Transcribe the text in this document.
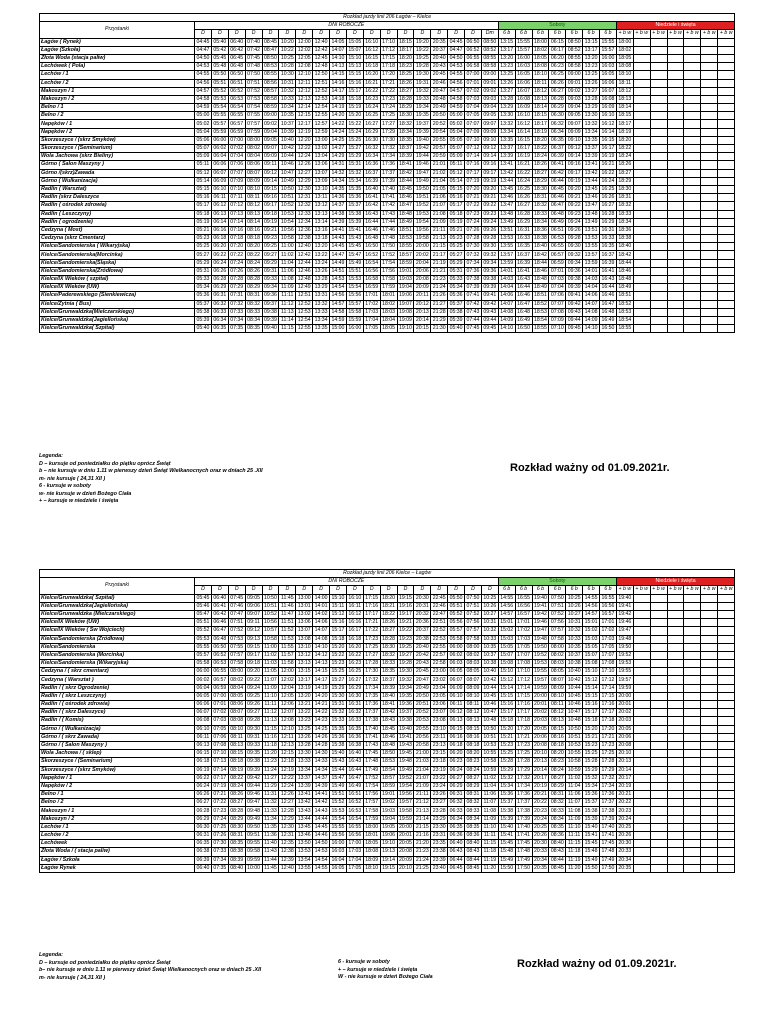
Rozkład jazdy linii 206 Łagów – Kielce																																
Przystanki	DNI ROBOCZE																		Soboty							Niedziele i święta						
	D	D	D	D	D	D	D	D	D	D	D	D	D	D	D	D	D	Dm	6 b	6 b	6 b	6 b	6 b	6 b	6 b	+ b w	+ b w	+ b w	+ b w	+ b w	+ b w	+ b w
Łagów ( Rynek)	04:45	05:40	06:40	07:40	08:45	10:20	12:00	12:40	14:05	15:05	16:10	17:10	18:15	19:20	20:35	04:45	06:50	08:50	13:15	15:55	18:00	06:15	08:50	13:15	15:55	18:00						
Łagów (Szkoła)	04:47	05:42	06:42	07:42	08:47	10:22	12:02	12:42	14:07	15:07	16:12	17:12	18:17	19:22	20:37	04:47	06:52	08:52	13:17	15:57	18:02	06:17	08:52	13:17	15:57	18:02						
Złota Woda (stacja paliw)	04:50	05:45	06:45	07:45	08:50	10:25	12:05	12:45	14:10	15:10	16:15	17:15	18:20	19:25	20:40	04:50	06:55	08:55	13:20	16:00	18:05	06:20	08:55	13:20	16:00	18:05						
Lechówek ( Pola)	04:53	05:48	06:48	07:48	08:53	10:28	12:08	12:48	14:13	15:13	16:18	17:18	18:23	19:28	20:43	04:53	06:58	08:58	13:23	16:03	18:08	06:23	08:58	13:23	16:03	18:08						
Lechów / 1	04:55	05:50	06:50	07:50	08:55	10:30	12:10	12:50	14:15	15:15	16:20	17:20	18:25	19:30	20:45	04:55	07:00	09:00	13:25	16:05	18:10	06:25	09:00	13:25	16:05	18:10						
Lechów / 2	04:56	05:51	06:51	07:51	08:56	10:31	12:11	12:51	14:16	15:16	16:21	17:21	18:26	19:31	20:46	04:56	07:01	09:01	13:26	16:06	18:11	06:26	09:01	13:26	16:06	18:11						
Makoszyn / 1	04:57	05:52	06:52	07:52	08:57	10:32	12:12	12:52	14:17	15:17	16:22	17:22	18:27	19:32	20:47	04:57	07:02	09:02	13:27	16:07	18:12	06:27	09:02	13:27	16:07	18:12						
Makoszyn / 2	04:58	05:53	06:53	07:53	08:58	10:33	12:13	12:53	14:18	15:18	16:23	17:23	18:28	19:33	20:48	04:58	07:03	09:03	13:28	16:08	18:13	06:28	09:03	13:28	16:08	18:13						
Belno / 1	04:59	05:54	06:54	07:54	08:59	10:34	12:14	12:54	14:19	15:19	16:24	17:24	18:29	19:34	20:49	04:59	07:04	09:04	13:29	16:09	18:14	06:29	09:04	13:29	16:09	18:14						
Belno / 2	05:00	05:55	06:55	07:55	09:00	10:35	12:15	12:55	14:20	15:20	16:25	17:25	18:30	19:35	20:50	05:00	07:05	09:05	13:30	16:10	18:15	06:30	09:05	13:30	16:10	18:15						
Napęków / 1	05:02	05:57	06:57	07:57	09:02	10:37	12:17	12:57	14:22	15:22	16:27	17:27	18:32	19:37	20:52	05:02	07:07	09:07	13:32	16:12	18:17	06:32	09:07	13:32	16:12	18:17						
Napęków / 2	05:04	05:59	06:59	07:59	09:04	10:39	12:19	12:59	14:24	15:24	16:29	17:29	18:34	19:39	20:54	05:04	07:09	09:09	13:34	16:14	18:19	06:34	09:09	13:34	16:14	18:19						
Skorzeszyce / (skrz Smyków)	05:06	06:00	07:00	08:00	09:05	10:40	12:20	13:00	14:25	15:25	16:30	17:30	18:35	19:40	20:55	05:05	07:10	09:10	13:35	16:15	18:20	06:35	09:10	13:35	16:15	18:20						
Skorzeszyce / (Seminarium)	05:07	06:02	07:02	08:02	09:07	10:42	12:22	13:02	14:27	15:27	16:32	17:32	18:37	19:42	20:57	05:07	07:12	09:12	13:37	16:17	18:22	06:37	09:12	13:37	16:17	18:22						
Wola Jachowa (skrz Bieliny)	05:09	06:04	07:04	08:04	09:09	10:44	12:24	13:04	14:29	15:29	16:34	17:34	18:39	19:44	20:59	05:09	07:14	09:14	13:39	16:19	18:24	06:39	09:14	13:39	16:19	18:24						
Górno ( Salon Maszyny )	05:11	06:06	07:06	08:06	09:11	10:46	12:26	13:06	14:31	15:31	16:36	17:36	18:41	19:46	21:01	05:11	07:16	09:16	13:41	16:21	18:26	06:41	09:16	13:41	16:21	18:26						
Górno /(skrz)Zawada	05:12	06:07	07:07	08:07	09:12	10:47	12:27	13:07	14:32	15:32	16:37	17:37	18:42	19:47	21:02	05:12	07:17	09:17	13:42	16:22	18:27	06:42	09:17	13:42	16:22	18:27						
Górno ( Wulkanizacja)	05:14	06:09	07:09	08:09	09:14	10:49	12:29	13:09	14:34	15:34	16:39	17:39	18:44	19:49	21:04	05:14	07:19	09:19	13:44	16:24	18:29	06:44	09:19	13:44	16:24	18:29						
Radlin ( Warsztat)	05:15	06:10	07:10	08:10	09:15	10:50	12:30	13:10	14:35	15:35	16:40	17:40	18:45	19:50	21:05	05:15	07:20	09:20	13:45	16:25	18:30	06:45	09:20	13:45	16:25	18:30						
Radlin (skrz Daleszyce	05:16	06:11	07:11	08:11	09:16	10:51	12:31	13:11	14:36	15:36	16:41	17:41	18:46	19:51	21:06	05:16	07:21	09:21	13:46	16:26	18:31	06:46	09:21	13:46	16:26	18:31						
Radlin ( ośrodek zdrowia)	05:17	06:12	07:12	08:12	09:17	10:52	12:32	13:12	14:37	15:37	16:42	17:42	18:47	19:52	21:07	05:17	07:22	09:22	13:47	16:27	18:32	06:47	09:22	13:47	16:27	18:32						
Radlin ( Leszczyny)	05:18	06:13	07:13	08:13	09:18	10:53	12:33	13:13	14:38	15:38	16:43	17:43	18:48	19:53	21:08	05:18	07:23	09:23	13:48	16:28	18:33	06:48	09:23	13:48	16:28	18:33						
Radlin ( ogrodzenie)	05:19	06:14	07:14	08:14	09:19	10:54	12:34	13:14	14:39	15:39	16:44	17:44	18:49	19:54	21:09	05:19	07:24	09:24	13:49	16:29	18:34	06:49	09:24	13:49	16:29	18:34						
Cedzyna ( Most)	05:21	06:16	07:16	08:16	09:21	10:56	12:36	13:16	14:41	15:41	16:46	17:46	18:51	19:56	21:11	05:21	07:26	09:26	13:51	16:31	18:36	06:51	09:26	13:51	16:31	18:36						
Cedzyna (skrz Cmentarz)	05:23	06:18	07:18	08:18	09:23	10:58	12:38	13:18	14:43	15:43	16:48	17:48	18:53	19:58	21:13	05:23	07:28	09:28	13:53	16:33	18:38	06:53	09:28	13:53	16:33	18:38						
Kielce/Sandomierska ( Wikaryjska)	05:25	06:20	07:20	08:20	09:25	11:00	12:40	13:20	14:45	15:45	16:50	17:50	18:55	20:00	21:15	05:25	07:30	09:30	13:55	16:35	18:40	06:55	09:30	13:55	16:35	18:40						
Kielce/Sandomierska(Morcinka)	05:27	06:22	07:22	08:22	09:27	11:02	12:42	13:22	14:47	15:47	16:52	17:52	18:57	20:02	21:17	05:27	07:32	09:32	13:57	16:37	18:42	06:57	09:32	13:57	16:37	18:42						
Kielce/Sandomierska(Śląska)	05:29	06:24	07:24	08:24	09:29	11:04	12:44	13:24	14:49	15:49	16:54	17:54	18:59	20:04	21:19	05:29	07:34	09:34	13:59	16:39	18:44	06:59	09:34	13:59	16:39	18:44						
Kielce/Sandomierska(Źródłowa)	05:31	06:26	07:26	08:26	09:31	11:06	12:46	13:26	14:51	15:51	16:56	17:56	19:01	20:06	21:21	05:31	07:36	09:36	14:01	16:41	18:46	07:01	09:36	14:01	16:41	18:46						
Kielce/IX Wieków ( szpital)	05:33	06:28	07:28	08:28	09:33	11:08	12:48	13:28	14:53	15:53	16:58	17:58	19:03	20:08	21:23	05:33	07:38	09:38	14:03	16:43	18:48	07:03	09:38	14:03	16:43	18:48						
Kielce/IX Wieków (UW)	05:34	06:29	07:29	08:29	09:34	11:09	12:49	13:29	14:54	15:54	16:59	17:59	19:04	20:09	21:24	05:34	07:39	09:39	14:04	16:44	18:49	07:04	09:39	14:04	16:44	18:49						
Kielce/Paderewskiego (Sienkiewicza)	05:36	06:31	07:31	08:31	09:36	11:11	12:51	13:31	14:56	15:56	17:01	18:01	19:06	20:11	21:26	05:36	07:41	09:41	14:06	16:46	18:51	07:06	09:41	14:06	16:46	18:51						
Kielce/Żytnia ( Bus)	05:37	06:32	07:32	08:32	09:37	11:12	12:52	13:32	14:57	15:57	17:02	18:02	19:07	20:12	21:27	05:37	07:42	09:42	14:07	16:47	18:52	07:07	09:42	14:07	16:47	18:52						
Kielce/Grunwaldzka(Mielczarskiego)	05:38	06:33	07:33	08:33	09:38	11:13	12:53	13:33	14:58	15:58	17:03	18:03	19:08	20:13	21:28	05:38	07:43	09:43	14:08	16:48	18:53	07:08	09:43	14:08	16:48	18:53						
Kielce/Grunwaldzka(Jagiellońska)	05:39	06:34	07:34	08:34	09:39	11:14	12:54	13:34	14:59	15:59	17:04	18:04	19:09	20:14	21:29	05:39	07:44	09:44	14:09	16:49	18:54	07:09	09:44	14:09	16:49	18:54						
Kielce/Grunwaldzka( Szpital)	05:40	06:35	07:35	08:35	09:40	11:15	12:55	13:35	15:00	16:00	17:05	18:05	19:10	20:15	21:30	05:40	07:45	09:45	14:10	16:50	18:55	07:10	09:45	14:10	16:50	18:55						
Legenda:
D – kursuje od poniedziałku do piątku oprócz Świąt
b – nie kursuje w dniu 1.11 w pierwszy dzień Świąt Wielkanocnych oraz w dniach 25 .XII
m- nie kursuje ( 24,31 XII )
6 - kursuje w soboty
w- nie kursuje w dzień Bożego Ciała
+ – kursuje w niedziele i święta
Rozkład ważny od 01.09.2021r.
Rozkład jazdy linii 206 Kielce – Łagów																																
Przystanki	DNI ROBOCZE																		Soboty							Niedziele i święta						
	D	D	D	D	D	D	D	D	D	D	D	D	D	D	D	D	D	D	6 b	6 b	6 b	6 b	6 b	6 b	6 b	+ b w	+ b w	+ b w	+ b w	+ b w	+ b w	+ b w
Kielce/Grunwaldzka( Szpital)	05:45	06:40	07:45	09:05	10:50	11:45	13:00	14:00	15:10	16:10	17:15	18:20	19:15	20:30	22:45	05:50	07:50	10:25	14:55	16:55	19:40	07:50	10:25	14:55	16:55	19:40						
Kielce/Grunwaldzka(Jagiellońska)	05:46	06:41	07:46	09:06	10:51	11:46	13:01	14:01	15:11	16:11	17:16	18:21	19:16	20:31	22:46	05:51	07:51	10:26	14:56	16:56	19:41	07:51	10:26	14:56	16:56	19:41						
Kielce/Grunwaldzka (Mielczarskiego)	05:47	06:42	07:47	09:07	10:52	11:47	13:02	14:02	15:12	16:12	17:17	18:22	19:17	20:32	22:47	05:52	07:52	10:27	14:57	16:57	19:42	07:52	10:27	14:57	16:57	19:42						
Kielce/IX Wieków (UW)	05:51	06:46	07:51	09:11	10:56	11:51	13:06	14:06	15:16	16:16	17:21	18:26	19:21	20:36	22:51	05:56	07:56	10:31	15:01	17:01	19:46	07:56	10:31	15:01	17:01	19:46						
Kielce/IX Wieków ( Św Wojciech)	05:52	06:47	07:52	09:12	10:57	11:52	13:07	14:07	15:17	16:17	17:22	18:27	19:22	20:37	22:52	05:57	07:57	10:32	15:02	17:02	19:47	07:57	10:32	15:02	17:02	19:47						
Kielce/Sandomierska (Źródłowa)	05:53	06:48	07:53	09:13	10:58	11:53	13:08	14:08	15:18	16:18	17:23	18:28	19:23	20:38	22:53	05:58	07:58	10:33	15:03	17:03	19:48	07:58	10:33	15:03	17:03	19:48						
Kielce/Sandomierska	05:55	06:50	07:55	09:15	11:00	11:55	13:10	14:10	15:20	16:20	17:25	18:30	19:25	20:40	22:55	06:00	08:00	10:35	15:05	17:05	19:50	08:00	10:35	15:05	17:05	19:50						
Kielce/Sandomierska (Morcinka)	05:57	06:52	07:57	09:17	11:02	11:57	13:12	14:12	15:22	16:22	17:27	18:32	19:27	20:42	22:57	06:02	08:02	10:37	15:07	17:07	19:52	08:02	10:37	15:07	17:07	19:52						
Kielce/Sandomierska (Wikaryjska)	05:58	06:53	07:58	09:18	11:03	11:58	13:13	14:13	15:23	16:23	17:28	18:33	19:28	20:43	22:58	06:03	08:03	10:38	15:08	17:08	19:53	08:03	10:38	15:08	17:08	19:53						
Cedzyna / ( skrz cmentarz)	06:00	06:55	08:00	09:20	11:05	12:00	13:15	14:15	15:25	16:25	17:30	18:35	19:30	20:45	23:00	06:05	08:05	10:40	15:10	17:10	19:55	08:05	10:40	15:10	17:10	19:55						
Cedzyna ( Warsztat )	06:02	06:57	08:02	09:22	11:07	12:02	13:17	14:17	15:27	16:27	17:32	18:37	19:32	20:47	23:02	06:07	08:07	10:42	15:12	17:12	19:57	08:07	10:42	15:12	17:12	19:57						
Radlin / ( skrz Ogrodzenie)	06:04	06:59	08:04	09:24	11:09	12:04	13:19	14:19	15:29	16:29	17:34	18:39	19:34	20:49	23:04	06:09	08:09	10:44	15:14	17:14	19:59	08:09	10:44	15:14	17:14	19:59						
Radlin / ( skrz Leszczyny)	06:05	07:00	08:05	09:25	11:10	12:05	13:20	14:20	15:30	16:30	17:35	18:40	19:35	20:50	23:05	06:10	08:10	10:45	15:15	17:15	20:00	08:10	10:45	15:15	17:15	20:00						
Radlin / ( ośrodek zdrowia)	06:06	07:01	08:06	09:26	11:11	12:06	13:21	14:21	15:31	16:31	17:36	18:41	19:36	20:51	23:06	06:11	08:11	10:46	15:16	17:16	20:01	08:11	10:46	15:16	17:16	20:01						
Radlin / ( skrz Daleszyce)	06:07	07:02	08:07	09:27	11:12	12:07	13:22	14:22	15:32	16:32	17:37	18:42	19:37	20:52	23:07	06:12	08:12	10:47	15:17	17:17	20:02	08:12	10:47	15:17	17:17	20:02						
Radlin / ( Komis)	06:08	07:03	08:08	09:28	11:13	12:08	13:23	14:23	15:33	16:33	17:38	18:43	19:38	20:53	23:08	06:13	08:13	10:48	15:18	17:18	20:03	08:13	10:48	15:18	17:18	20:03						
Górno / ( Wulkanizacja)	06:10	07:05	08:10	09:30	11:15	12:10	13:25	14:25	15:35	16:35	17:40	18:45	19:40	20:55	23:10	06:15	08:15	10:50	15:20	17:20	20:05	08:15	10:50	15:20	17:20	20:05						
Górno / ( skrz Zawada)	06:11	07:06	08:11	09:31	11:16	12:11	13:26	14:26	15:36	16:36	17:41	18:46	19:41	20:56	23:11	06:16	08:16	10:51	15:21	17:21	20:06	08:16	10:51	15:21	17:21	20:06						
Górno / ( Salon Maszyny )	06:13	07:08	08:13	09:33	11:18	12:13	13:28	14:28	15:38	16:38	17:43	18:48	19:43	20:58	23:13	06:18	08:18	10:53	15:23	17:23	20:08	08:18	10:53	15:23	17:23	20:08						
Wola Jachowa / ( sklep)	06:15	07:10	08:15	09:35	11:20	12:15	13:30	14:30	15:40	16:40	17:45	18:50	19:45	21:00	23:15	06:20	08:20	10:55	15:25	17:25	20:10	08:20	10:55	15:25	17:25	20:10						
Skorzeszyce / (Seminarium)	06:18	07:13	08:18	09:38	11:23	12:18	13:33	14:33	15:43	16:43	17:48	18:53	19:48	21:03	23:18	06:23	08:23	10:58	15:28	17:28	20:13	08:23	10:58	15:28	17:28	20:13						
Skorzeszyce / (skrz Smyków)	06:19	07:14	08:19	09:39	11:24	12:19	13:34	14:34	15:44	16:44	17:49	18:54	19:49	21:04	23:19	06:24	08:24	10:59	15:29	17:29	20:14	08:24	10:59	15:29	17:29	20:14						
Napęków / 1	06:22	07:17	08:22	09:42	11:27	12:22	13:37	14:37	15:47	16:47	17:52	18:57	19:52	21:07	23:22	06:27	08:27	11:02	15:32	17:32	20:17	08:27	11:02	15:32	17:32	20:17						
Napęków / 2	06:24	07:19	08:24	09:44	11:29	12:24	13:39	14:39	15:49	16:49	17:54	18:59	19:54	21:09	23:24	06:29	08:29	11:04	15:34	17:34	20:19	08:29	11:04	15:34	17:34	20:19						
Belno / 1	06:26	07:21	08:26	09:46	11:31	12:26	13:41	14:41	15:51	16:51	17:56	19:01	19:56	21:11	23:26	06:31	08:31	11:06	15:36	17:36	20:21	08:31	11:06	15:36	17:36	20:21						
Belno / 2	06:27	07:22	08:27	09:47	11:32	12:27	13:42	14:42	15:52	16:52	17:57	19:02	19:57	21:12	23:27	06:32	08:32	11:07	15:37	17:37	20:22	08:32	11:07	15:37	17:37	20:22						
Makoszyn / 1	06:28	07:23	08:28	09:48	11:33	12:28	13:43	14:43	15:53	16:53	17:58	19:03	19:58	21:13	23:28	06:33	08:33	11:08	15:38	17:38	20:23	08:33	11:08	15:38	17:38	20:23						
Makoszyn / 2	06:29	07:24	08:29	09:49	11:34	12:29	13:44	14:44	15:54	16:54	17:59	19:04	19:59	21:14	23:29	06:34	08:34	11:09	15:39	17:39	20:24	08:34	11:09	15:39	17:39	20:24						
Lechów / 1	06:30	07:25	08:30	09:50	11:35	12:30	13:45	14:45	15:55	16:55	18:00	19:05	20:00	21:15	23:30	06:35	08:35	11:10	15:40	17:40	20:25	08:35	11:10	15:40	17:40	20:25						
Lechów / 2	06:31	07:26	08:31	09:51	11:36	12:31	13:46	14:46	15:56	16:56	18:01	19:06	20:01	21:16	23:31	06:36	08:36	11:11	15:41	17:41	20:26	08:36	11:11	15:41	17:41	20:26						
Lechówek	06:35	07:30	08:35	09:55	11:40	12:35	13:50	14:50	16:00	17:00	18:05	19:10	20:05	21:20	23:35	06:40	08:40	11:15	15:45	17:45	20:30	08:40	11:15	15:45	17:45	20:30						
Złota Woda / ( stacja paliw)	06:38	07:33	08:38	09:58	11:43	12:38	13:53	14:53	16:03	17:03	18:08	19:13	20:08	21:23	23:38	06:43	08:43	11:18	15:48	17:48	20:33	08:43	11:18	15:48	17:48	20:33						
Łagów / Szkoła	06:39	07:34	08:39	09:59	11:44	12:39	13:54	14:54	16:04	17:04	18:09	19:14	20:09	21:24	23:39	06:44	08:44	11:19	15:49	17:49	20:34	08:44	11:19	15:49	17:49	20:34						
Łagów Rynek	06:40	07:35	08:40	10:00	11:45	12:40	13:55	14:55	16:05	17:05	18:10	19:15	20:10	21:25	23:40	06:45	08:45	11:20	15:50	17:50	20:35	08:45	11:20	15:50	17:50	20:35						
Legenda:
D – kursuje od poniedziałku do piątku oprócz Świąt
b– nie kursuje w dniu 1.11 w pierwszy dzień Świąt Wielkanocnych oraz w dniach 25 .XII
m- nie kursuje ( 24,31 XII )
6 - kursuje w soboty
+ – kursuje w niedziele i święta
W - nie kursuje w dzień Bożego Ciała
Rozkład ważny od 01.09.2021r.
